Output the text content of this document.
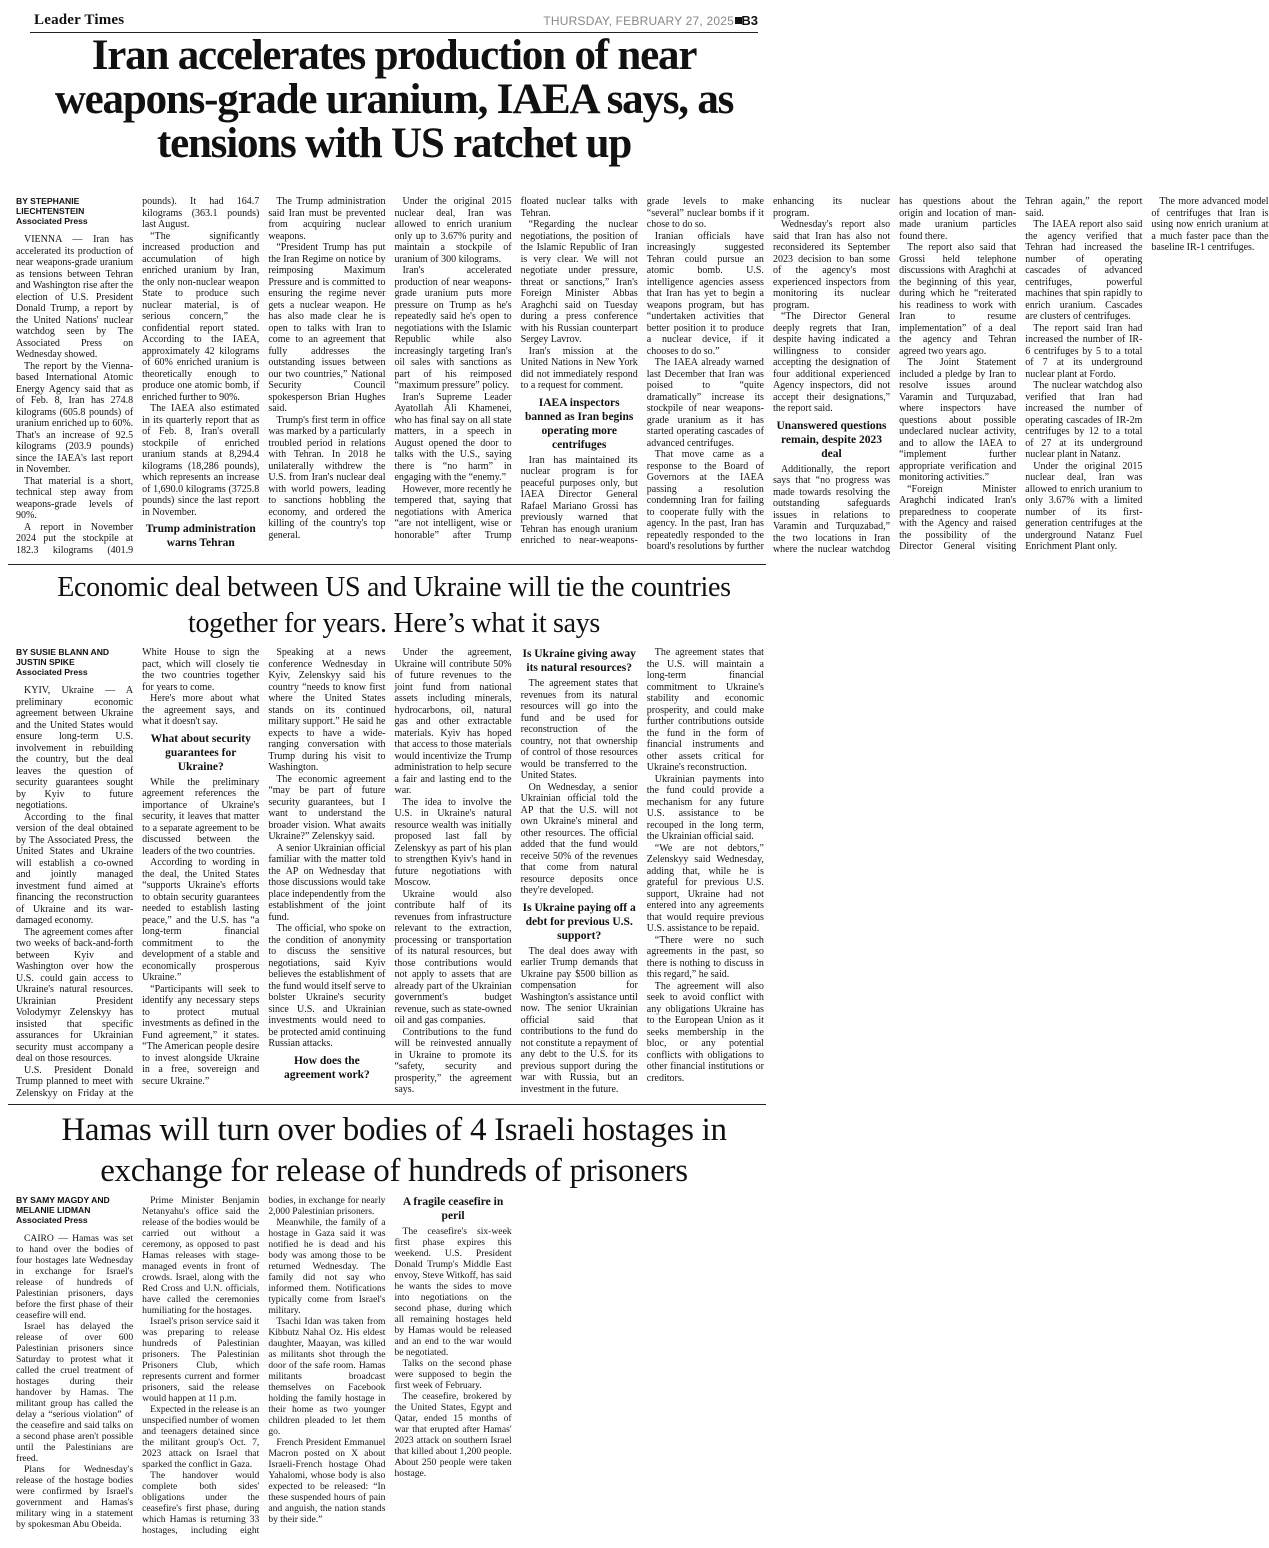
Leader Times	THURSDAY, FEBRUARY 27, 2025 B3
Iran accelerates production of near weapons-grade uranium, IAEA says, as tensions with US ratchet up
BY STEPHANIE LIECHTENSTEIN
Associated Press

VIENNA — Iran has accelerated its production of near weapons-grade uranium as tensions between Tehran and Washington rise after the election of U.S. President Donald Trump, a report by the United Nations' nuclear watchdog seen by The Associated Press on Wednesday showed.

The report by the Vienna-based International Atomic Energy Agency said that as of Feb. 8, Iran has 274.8 kilograms (605.8 pounds) of uranium enriched up to 60%. That's an increase of 92.5 kilograms (203.9 pounds) since the IAEA's last report in November.

That material is a short, technical step away from weapons-grade levels of 90%.

A report in November 2024 put the stockpile at 182.3 kilograms (401.9 pounds). It had 164.7 kilograms (363.1 pounds) last August.

“The significantly increased production and accumulation of high enriched uranium by Iran, the only non-nuclear weapon State to produce such nuclear material, is of serious concern,” the confidential report stated. According to the IAEA, approximately 42 kilograms of 60% enriched uranium is theoretically enough to produce one atomic bomb, if enriched further to 90%.

The IAEA also estimated in its quarterly report that as of Feb. 8, Iran's overall stockpile of enriched uranium stands at 8,294.4 kilograms (18,286 pounds), which represents an increase of 1,690.0 kilograms (3725.8 pounds) since the last report in November.

Trump administration warns Tehran

The Trump administration said Iran must be prevented from acquiring nuclear weapons.

“President Trump has put the Iran Regime on notice by reimposing Maximum Pressure and is committed to ensuring the regime never gets a nuclear weapon. He has also made clear he is open to talks with Iran to come to an agreement that fully addresses the outstanding issues between our two countries,” National Security Council spokesperson Brian Hughes said.

Trump's first term in office was marked by a particularly troubled period in relations with Tehran. In 2018 he unilaterally withdrew the U.S. from Iran's nuclear deal with world powers, leading to sanctions hobbling the economy, and ordered the killing of the country's top general.

Under the original 2015 nuclear deal, Iran was allowed to enrich uranium only up to 3.67% purity and maintain a stockpile of uranium of 300 kilograms.

Iran's accelerated production of near weapons-grade uranium puts more pressure on Trump as he's repeatedly said he's open to negotiations with the Islamic Republic while also increasingly targeting Iran's oil sales with sanctions as part of his reimposed “maximum pressure” policy.

Iran's Supreme Leader Ayatollah Ali Khamenei, who has final say on all state matters, in a speech in August opened the door to talks with the U.S., saying there is “no harm” in engaging with the “enemy.”

However, more recently he tempered that, saying that negotiations with America “are not intelligent, wise or honorable” after Trump floated nuclear talks with Tehran.

“Regarding the nuclear negotiations, the position of the Islamic Republic of Iran is very clear. We will not negotiate under pressure, threat or sanctions,” Iran's Foreign Minister Abbas Araghchi said on Tuesday during a press conference with his Russian counterpart Sergey Lavrov.

Iran's mission at the United Nations in New York did not immediately respond to a request for comment.

IAEA inspectors banned as Iran begins operating more centrifuges

Iran has maintained its nuclear program is for peaceful purposes only, but IAEA Director General Rafael Mariano Grossi has previously warned that Tehran has enough uranium enriched to near-weapons-grade levels to make “several” nuclear bombs if it chose to do so.

Iranian officials have increasingly suggested Tehran could pursue an atomic bomb. U.S. intelligence agencies assess that Iran has yet to begin a weapons program, but has “undertaken activities that better position it to produce a nuclear device, if it chooses to do so.”

The IAEA already warned last December that Iran was poised to “quite dramatically” increase its stockpile of near weapons-grade uranium as it has started operating cascades of advanced centrifuges.

That move came as a response to the Board of Governors at the IAEA passing a resolution condemning Iran for failing to cooperate fully with the agency. In the past, Iran has repeatedly responded to the board's resolutions by further enhancing its nuclear program.

Wednesday's report also said that Iran has also not reconsidered its September 2023 decision to ban some of the agency's most experienced inspectors from monitoring its nuclear program.

“The Director General deeply regrets that Iran, despite having indicated a willingness to consider accepting the designation of four additional experienced Agency inspectors, did not accept their designations,” the report said.

Unanswered questions remain, despite 2023 deal

Additionally, the report says that “no progress was made towards resolving the outstanding safeguards issues in relations to Varamin and Turquzabad,” the two locations in Iran where the nuclear watchdog has questions about the origin and location of man-made uranium particles found there.

The report also said that Grossi held telephone discussions with Araghchi at the beginning of this year, during which he “reiterated his readiness to work with Iran to resume implementation” of a deal the agency and Tehran agreed two years ago.

The Joint Statement included a pledge by Iran to resolve issues around Varamin and Turquzabad, where inspectors have questions about possible undeclared nuclear activity, and to allow the IAEA to “implement further appropriate verification and monitoring activities.”

“Foreign Minister Araghchi indicated Iran's preparedness to cooperate with the Agency and raised the possibility of the Director General visiting Tehran again,” the report said.

The IAEA report also said the agency verified that Tehran had increased the number of operating cascades of advanced centrifuges, powerful machines that spin rapidly to enrich uranium. Cascades are clusters of centrifuges.

The report said Iran had increased the number of IR-6 centrifuges by 5 to a total of 7 at its underground nuclear plant at Fordo.

The nuclear watchdog also verified that Iran had increased the number of operating cascades of IR-2m centrifuges by 12 to a total of 27 at its underground nuclear plant in Natanz.

Under the original 2015 nuclear deal, Iran was allowed to enrich uranium to only 3.67% with a limited number of its first-generation centrifuges at the underground Natanz Fuel Enrichment Plant only.

The more advanced model of centrifuges that Iran is using now enrich uranium at a much faster pace than the baseline IR-1 centrifuges.

Economic deal between US and Ukraine will tie the countries together for years. Here’s what it says
BY SUSIE BLANN AND JUSTIN SPIKE
Associated Press

KYIV, Ukraine — A preliminary economic agreement between Ukraine and the United States would ensure long-term U.S. involvement in rebuilding the country, but the deal leaves the question of security guarantees sought by Kyiv to future negotiations.

According to the final version of the deal obtained by The Associated Press, the United States and Ukraine will establish a co-owned and jointly managed investment fund aimed at financing the reconstruction of Ukraine and its war-damaged economy.

The agreement comes after two weeks of back-and-forth between Kyiv and Washington over how the U.S. could gain access to Ukraine's natural resources. Ukrainian President Volodymyr Zelenskyy has insisted that specific assurances for Ukrainian security must accompany a deal on those resources.

U.S. President Donald Trump planned to meet with Zelenskyy on Friday at the White House to sign the pact, which will closely tie the two countries together for years to come.

Here's more about what the agreement says, and what it doesn't say.

What about security guarantees for Ukraine?

While the preliminary agreement references the importance of Ukraine's security, it leaves that matter to a separate agreement to be discussed between the leaders of the two countries.

According to wording in the deal, the United States “supports Ukraine's efforts to obtain security guarantees needed to establish lasting peace,” and the U.S. has “a long-term financial commitment to the development of a stable and economically prosperous Ukraine.”

“Participants will seek to identify any necessary steps to protect mutual investments as defined in the Fund agreement,” it states. “The American people desire to invest alongside Ukraine in a free, sovereign and secure Ukraine.”

Speaking at a news conference Wednesday in Kyiv, Zelenskyy said his country “needs to know first where the United States stands on its continued military support.” He said he expects to have a wide-ranging conversation with Trump during his visit to Washington.

The economic agreement “may be part of future security guarantees, but I want to understand the broader vision. What awaits Ukraine?” Zelenskyy said.

A senior Ukrainian official familiar with the matter told the AP on Wednesday that those discussions would take place independently from the establishment of the joint fund.

The official, who spoke on the condition of anonymity to discuss the sensitive negotiations, said Kyiv believes the establishment of the fund would itself serve to bolster Ukraine's security since U.S. and Ukrainian investments would need to be protected amid continuing Russian attacks.

How does the agreement work?

Under the agreement, Ukraine will contribute 50% of future revenues to the joint fund from national assets including minerals, hydrocarbons, oil, natural gas and other extractable materials. Kyiv has hoped that access to those materials would incentivize the Trump administration to help secure a fair and lasting end to the war.

The idea to involve the U.S. in Ukraine's natural resource wealth was initially proposed last fall by Zelenskyy as part of his plan to strengthen Kyiv's hand in future negotiations with Moscow.

Ukraine would also contribute half of its revenues from infrastructure relevant to the extraction, processing or transportation of its natural resources, but those contributions would not apply to assets that are already part of the Ukrainian government's budget revenue, such as state-owned oil and gas companies.

Contributions to the fund will be reinvested annually in Ukraine to promote its “safety, security and prosperity,” the agreement says.

Is Ukraine giving away its natural resources?

The agreement states that revenues from its natural resources will go into the fund and be used for reconstruction of the country, not that ownership of control of those resources would be transferred to the United States.

On Wednesday, a senior Ukrainian official told the AP that the U.S. will not own Ukraine's mineral and other resources. The official added that the fund would receive 50% of the revenues that come from natural resource deposits once they're developed.

Is Ukraine paying off a debt for previous U.S. support?

The deal does away with earlier Trump demands that Ukraine pay $500 billion as compensation for Washington's assistance until now. The senior Ukrainian official said that contributions to the fund do not constitute a repayment of any debt to the U.S. for its previous support during the war with Russia, but an investment in the future.

The agreement states that the U.S. will maintain a long-term financial commitment to Ukraine's stability and economic prosperity, and could make further contributions outside the fund in the form of financial instruments and other assets critical for Ukraine's reconstruction.

Ukrainian payments into the fund could provide a mechanism for any future U.S. assistance to be recouped in the long term, the Ukrainian official said.

“We are not debtors,” Zelenskyy said Wednesday, adding that, while he is grateful for previous U.S. support, Ukraine had not entered into any agreements that would require previous U.S. assistance to be repaid.

“There were no such agreements in the past, so there is nothing to discuss in this regard,” he said.

The agreement will also seek to avoid conflict with any obligations Ukraine has to the European Union as it seeks membership in the bloc, or any potential conflicts with obligations to other financial institutions or creditors.

Hamas will turn over bodies of 4 Israeli hostages in exchange for release of hundreds of prisoners
BY SAMY MAGDY AND MELANIE LIDMAN
Associated Press

CAIRO — Hamas was set to hand over the bodies of four hostages late Wednesday in exchange for Israel's release of hundreds of Palestinian prisoners, days before the first phase of their ceasefire will end.

Israel has delayed the release of over 600 Palestinian prisoners since Saturday to protest what it called the cruel treatment of hostages during their handover by Hamas. The militant group has called the delay a “serious violation” of the ceasefire and said talks on a second phase aren't possible until the Palestinians are freed.

Plans for Wednesday's release of the hostage bodies were confirmed by Israel's government and Hamas's military wing in a statement by spokesman Abu Obeida.

Prime Minister Benjamin Netanyahu's office said the release of the bodies would be carried out without a ceremony, as opposed to past Hamas releases with stage-managed events in front of crowds. Israel, along with the Red Cross and U.N. officials, have called the ceremonies humiliating for the hostages.

Israel's prison service said it was preparing to release hundreds of Palestinian prisoners. The Palestinian Prisoners Club, which represents current and former prisoners, said the release would happen at 11 p.m.

Expected in the release is an unspecified number of women and teenagers detained since the militant group's Oct. 7, 2023 attack on Israel that sparked the conflict in Gaza.

The handover would complete both sides' obligations under the ceasefire's first phase, during which Hamas is returning 33 hostages, including eight bodies, in exchange for nearly 2,000 Palestinian prisoners.

Meanwhile, the family of a hostage in Gaza said it was notified he is dead and his body was among those to be returned Wednesday. The family did not say who informed them. Notifications typically come from Israel's military.

Tsachi Idan was taken from Kibbutz Nahal Oz. His eldest daughter, Maayan, was killed as militants shot through the door of the safe room. Hamas militants broadcast themselves on Facebook holding the family hostage in their home as two younger children pleaded to let them go.

French President Emmanuel Macron posted on X about Israeli-French hostage Ohad Yahalomi, whose body is also expected to be released: “In these suspended hours of pain and anguish, the nation stands by their side.”

A fragile ceasefire in peril

The ceasefire's six-week first phase expires this weekend. U.S. President Donald Trump's Middle East envoy, Steve Witkoff, has said he wants the sides to move into negotiations on the second phase, during which all remaining hostages held by Hamas would be released and an end to the war would be negotiated.

Talks on the second phase were supposed to begin the first week of February.

The ceasefire, brokered by the United States, Egypt and Qatar, ended 15 months of war that erupted after Hamas' 2023 attack on southern Israel that killed about 1,200 people. About 250 people were taken hostage.
